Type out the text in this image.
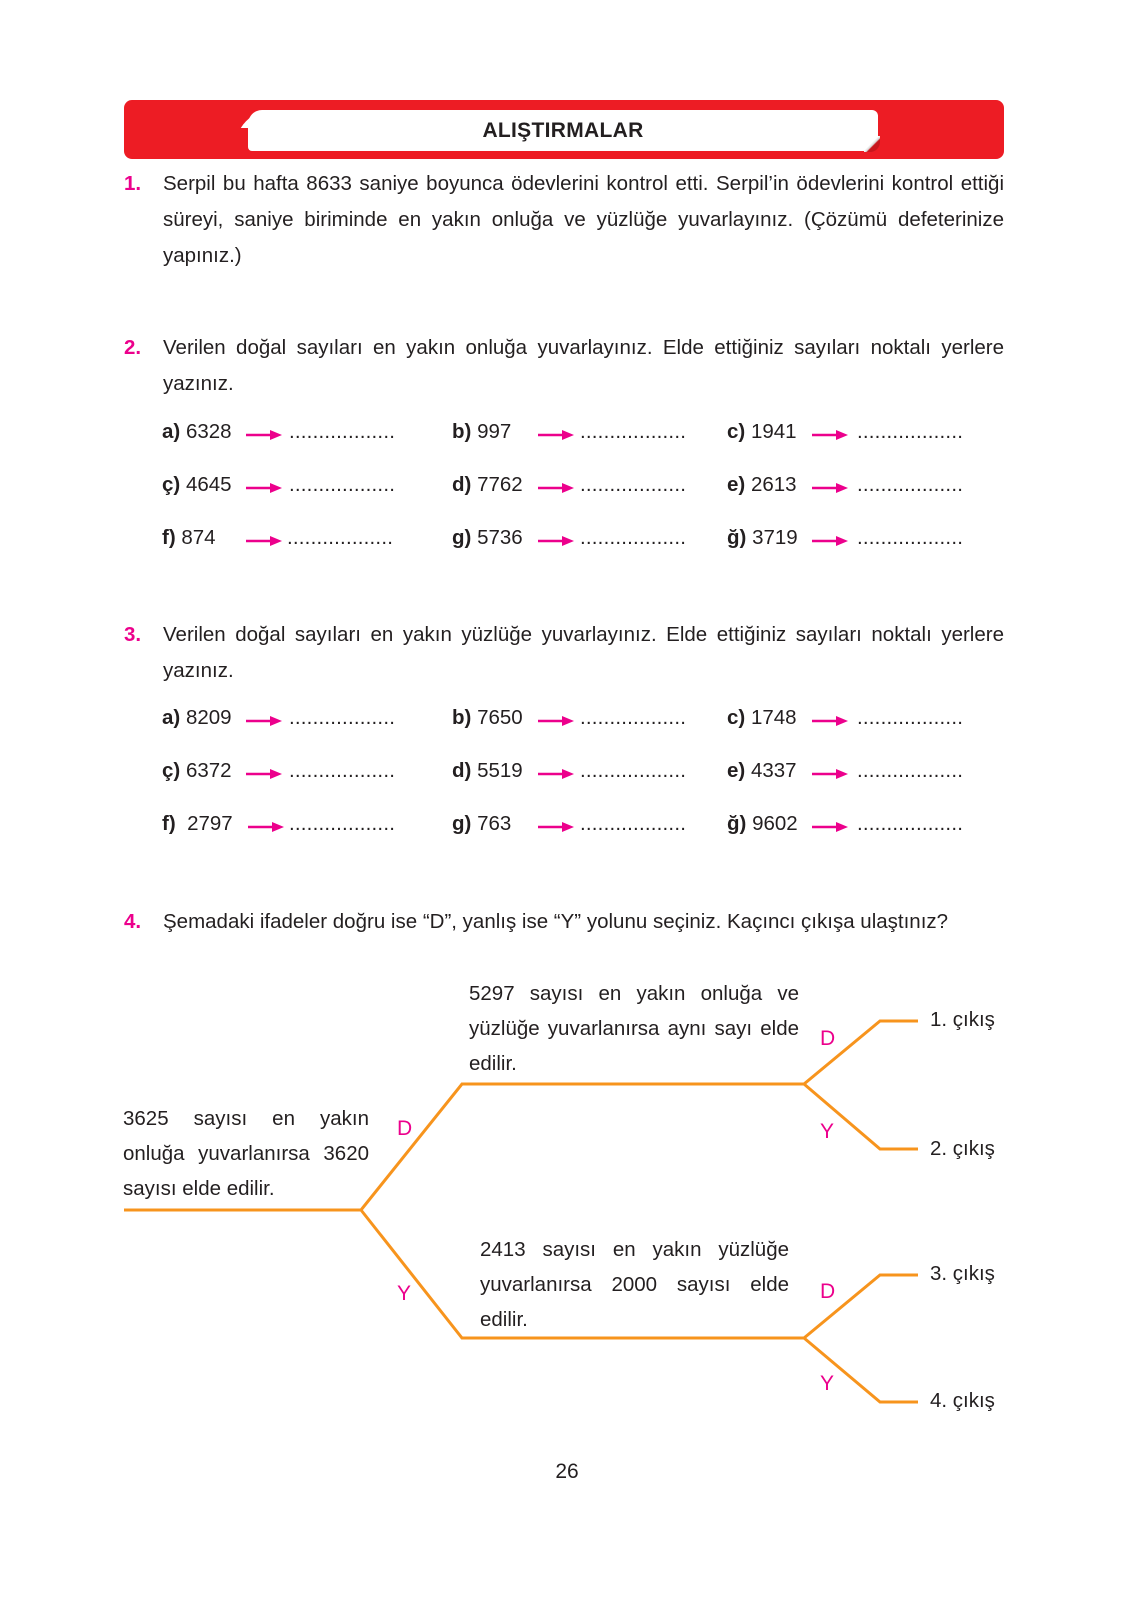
ALIŞTIRMALAR
1. Serpil bu hafta 8633 saniye boyunca ödevlerini kontrol etti. Serpil’in ödevlerini kontrol ettiği süreyi, saniye biriminde en yakın onluğa ve yüzlüğe yuvarlayınız. (Çözümü defeterinize yapınız.)
2. Verilen doğal sayıları en yakın onluğa yuvarlayınız. Elde ettiğiniz sayıları noktalı yerlere yazınız.
a) 6328	..................	b) 997	.................. c) 1941	..................
ç) 4645	..................	d) 7762	.................. e) 2613	..................
f) 874	..................	g) 5736	.................. ğ) 3719	..................
3. Verilen doğal sayıları en yakın yüzlüğe yuvarlayınız. Elde ettiğiniz sayıları noktalı yerlere yazınız.
a) 8209	..................	b) 7650	.................. c) 1748	..................
ç) 6372	..................	d) 5519	.................. e) 4337	..................
f) 2797	..................	g) 763	.................. ğ) 9602	..................
4. Şemadaki ifadeler doğru ise “D”, yanlış ise “Y” yolunu seçiniz. Kaçıncı çıkışa ulaştınız?
3625 sayısı en yakın onluğa yuvarlanırsa 3620 sayısı elde edilir.
5297 sayısı en yakın onluğa ve yüzlüğe yuvarlanırsa aynı sayı elde edilir.
2413 sayısı en yakın yüzlüğe yuvarlanırsa 2000 sayısı elde edilir.
D
Y
D
Y
D
Y
1. çıkış
2. çıkış
3. çıkış
4. çıkış
26
